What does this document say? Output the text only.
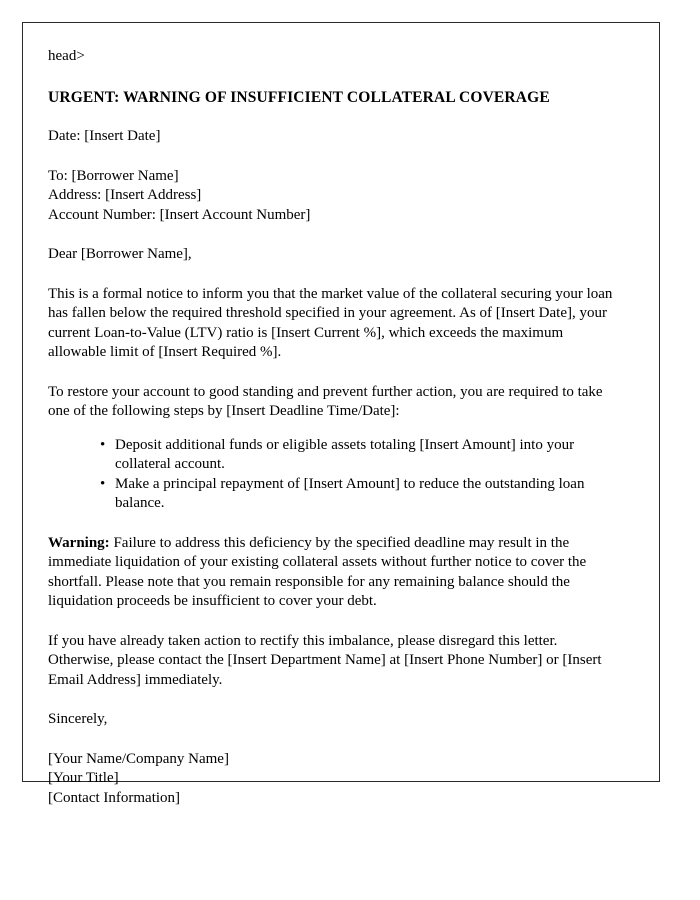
head>

URGENT: WARNING OF INSUFFICIENT COLLATERAL COVERAGE

Date: [Insert Date]

To: [Borrower Name]
Address: [Insert Address]
Account Number: [Insert Account Number]

Dear [Borrower Name],

This is a formal notice to inform you that the market value of the collateral securing your loan has fallen below the required threshold specified in your agreement. As of [Insert Date], your current Loan-to-Value (LTV) ratio is [Insert Current %], which exceeds the maximum allowable limit of [Insert Required %].

To restore your account to good standing and prevent further action, you are required to take one of the following steps by [Insert Deadline Time/Date]:

• Deposit additional funds or eligible assets totaling [Insert Amount] into your collateral account.
• Make a principal repayment of [Insert Amount] to reduce the outstanding loan balance.

Warning: Failure to address this deficiency by the specified deadline may result in the immediate liquidation of your existing collateral assets without further notice to cover the shortfall. Please note that you remain responsible for any remaining balance should the liquidation proceeds be insufficient to cover your debt.

If you have already taken action to rectify this imbalance, please disregard this letter. Otherwise, please contact the [Insert Department Name] at [Insert Phone Number] or [Insert Email Address] immediately.

Sincerely,

[Your Name/Company Name]
[Your Title]
[Contact Information]
